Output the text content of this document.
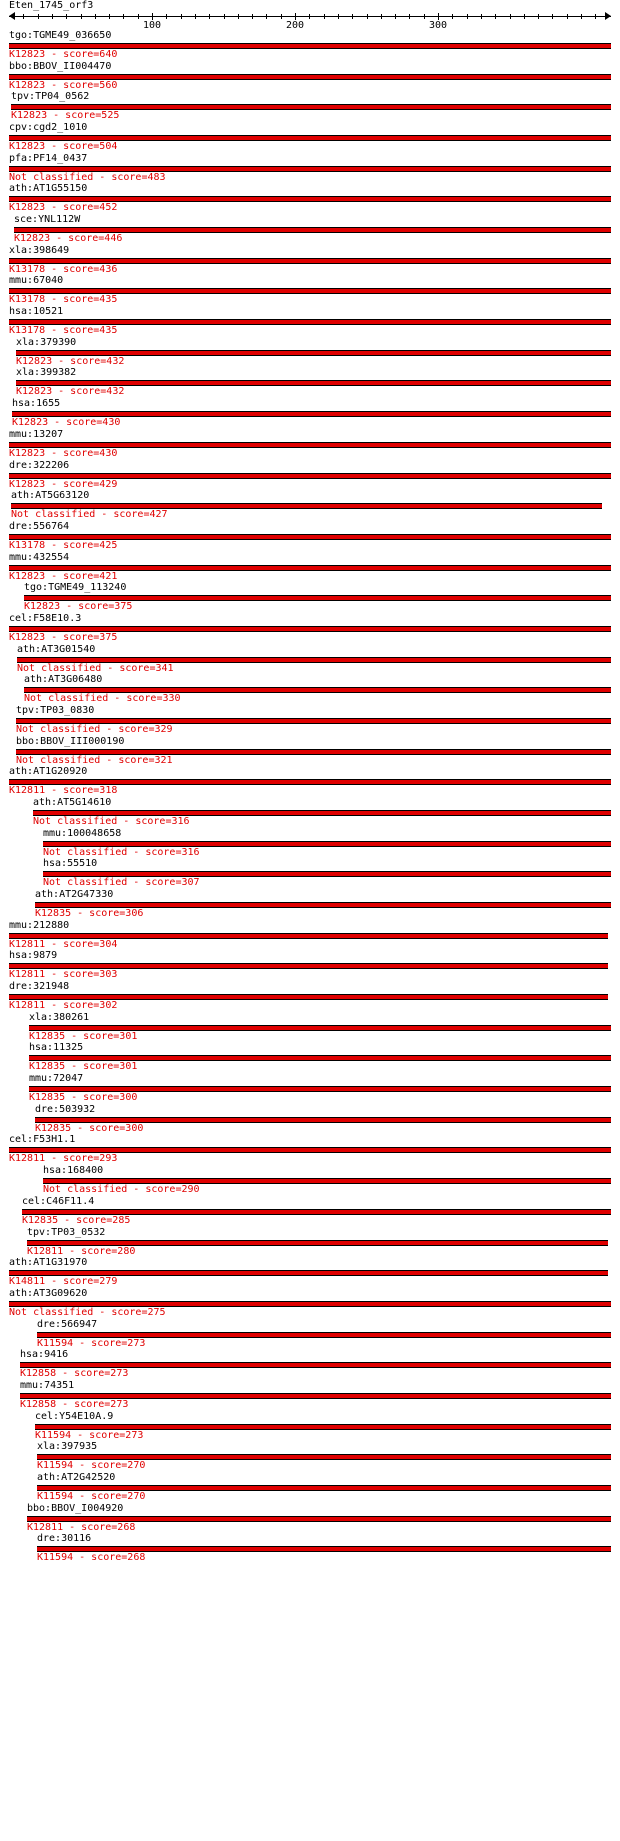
Eten_1745_orf3
100	200	300
tgo:TGME49_036650
K12823 - score=640
bbo:BBOV_II004470
K12823 - score=560
tpv:TP04_0562
K12823 - score=525
cpv:cgd2_1010
K12823 - score=504
pfa:PF14_0437
Not classified - score=483
ath:AT1G55150
K12823 - score=452
sce:YNL112W
K12823 - score=446
xla:398649
K13178 - score=436
mmu:67040
K13178 - score=435
hsa:10521
K13178 - score=435
xla:379390
K12823 - score=432
xla:399382
K12823 - score=432
hsa:1655
K12823 - score=430
mmu:13207
K12823 - score=430
dre:322206
K12823 - score=429
ath:AT5G63120
Not classified - score=427
dre:556764
K13178 - score=425
mmu:432554
K12823 - score=421
tgo:TGME49_113240
K12823 - score=375
cel:F58E10.3
K12823 - score=375
ath:AT3G01540
Not classified - score=341
ath:AT3G06480
Not classified - score=330
tpv:TP03_0830
Not classified - score=329
bbo:BBOV_III000190
Not classified - score=321
ath:AT1G20920
K12811 - score=318
ath:AT5G14610
Not classified - score=316
mmu:100048658
Not classified - score=316
hsa:55510
Not classified - score=307
ath:AT2G47330
K12835 - score=306
mmu:212880
K12811 - score=304
hsa:9879
K12811 - score=303
dre:321948
K12811 - score=302
xla:380261
K12835 - score=301
hsa:11325
K12835 - score=301
mmu:72047
K12835 - score=300
dre:503932
K12835 - score=300
cel:F53H1.1
K12811 - score=293
hsa:168400
Not classified - score=290
cel:C46F11.4
K12835 - score=285
tpv:TP03_0532
K12811 - score=280
ath:AT1G31970
K14811 - score=279
ath:AT3G09620
Not classified - score=275
dre:566947
K11594 - score=273
hsa:9416
K12858 - score=273
mmu:74351
K12858 - score=273
cel:Y54E10A.9
K11594 - score=273
xla:397935
K11594 - score=270
ath:AT2G42520
K11594 - score=270
bbo:BBOV_I004920
K12811 - score=268
dre:30116
K11594 - score=268
